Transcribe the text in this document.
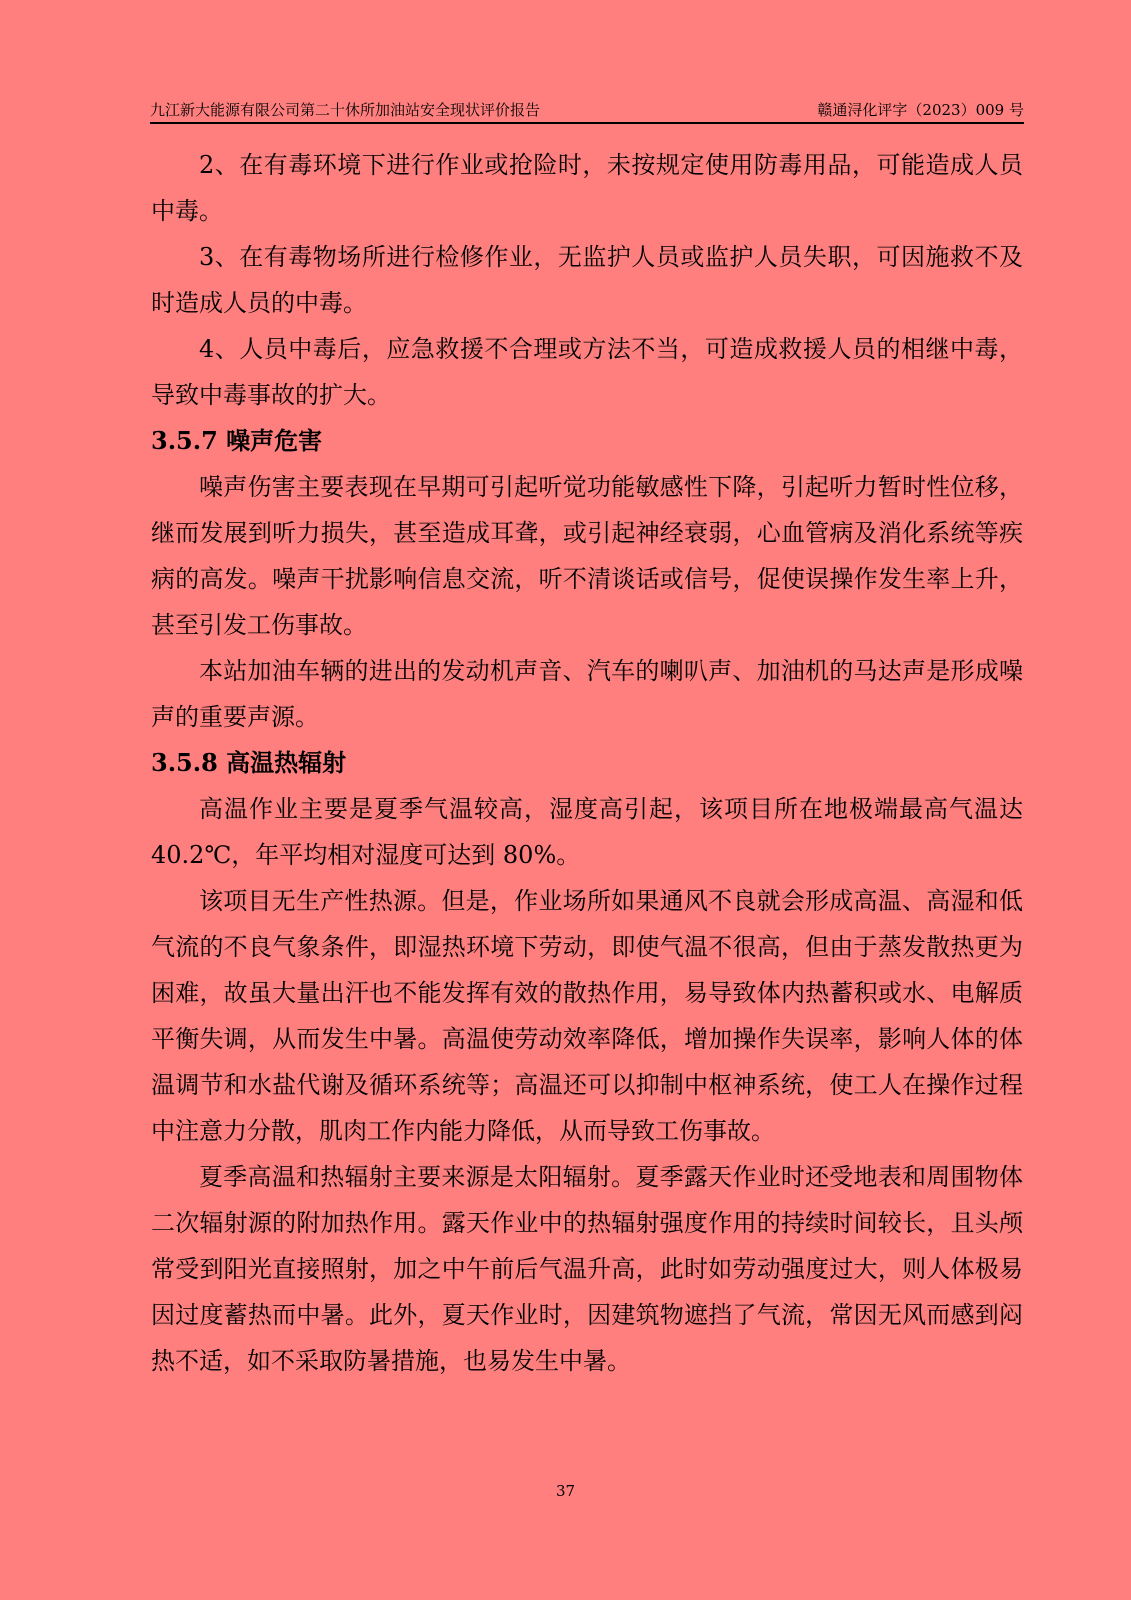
九江新大能源有限公司第二十休所加油站安全现状评价报告	赣通浔化评字（2023）009 号

2、在有毒环境下进行作业或抢险时，未按规定使用防毒用品，可能造成人员中毒。

3、在有毒物场所进行检修作业，无监护人员或监护人员失职，可因施救不及时造成人员的中毒。

4、人员中毒后，应急救援不合理或方法不当，可造成救援人员的相继中毒，导致中毒事故的扩大。

3.5.7 噪声危害

噪声伤害主要表现在早期可引起听觉功能敏感性下降，引起听力暂时性位移，继而发展到听力损失，甚至造成耳聋，或引起神经衰弱，心血管病及消化系统等疾病的高发。噪声干扰影响信息交流，听不清谈话或信号，促使误操作发生率上升，甚至引发工伤事故。

本站加油车辆的进出的发动机声音、汽车的喇叭声、加油机的马达声是形成噪声的重要声源。

3.5.8 高温热辐射

高温作业主要是夏季气温较高，湿度高引起，该项目所在地极端最高气温达 40.2℃，年平均相对湿度可达到 80%。

该项目无生产性热源。但是，作业场所如果通风不良就会形成高温、高湿和低气流的不良气象条件，即湿热环境下劳动，即使气温不很高，但由于蒸发散热更为困难，故虽大量出汗也不能发挥有效的散热作用，易导致体内热蓄积或水、电解质平衡失调，从而发生中暑。高温使劳动效率降低，增加操作失误率，影响人体的体温调节和水盐代谢及循环系统等；高温还可以抑制中枢神系统，使工人在操作过程中注意力分散，肌肉工作内能力降低，从而导致工伤事故。

夏季高温和热辐射主要来源是太阳辐射。夏季露天作业时还受地表和周围物体二次辐射源的附加热作用。露天作业中的热辐射强度作用的持续时间较长，且头颅常受到阳光直接照射，加之中午前后气温升高，此时如劳动强度过大，则人体极易因过度蓄热而中暑。此外，夏天作业时，因建筑物遮挡了气流，常因无风而感到闷热不适，如不采取防暑措施，也易发生中暑。

37
